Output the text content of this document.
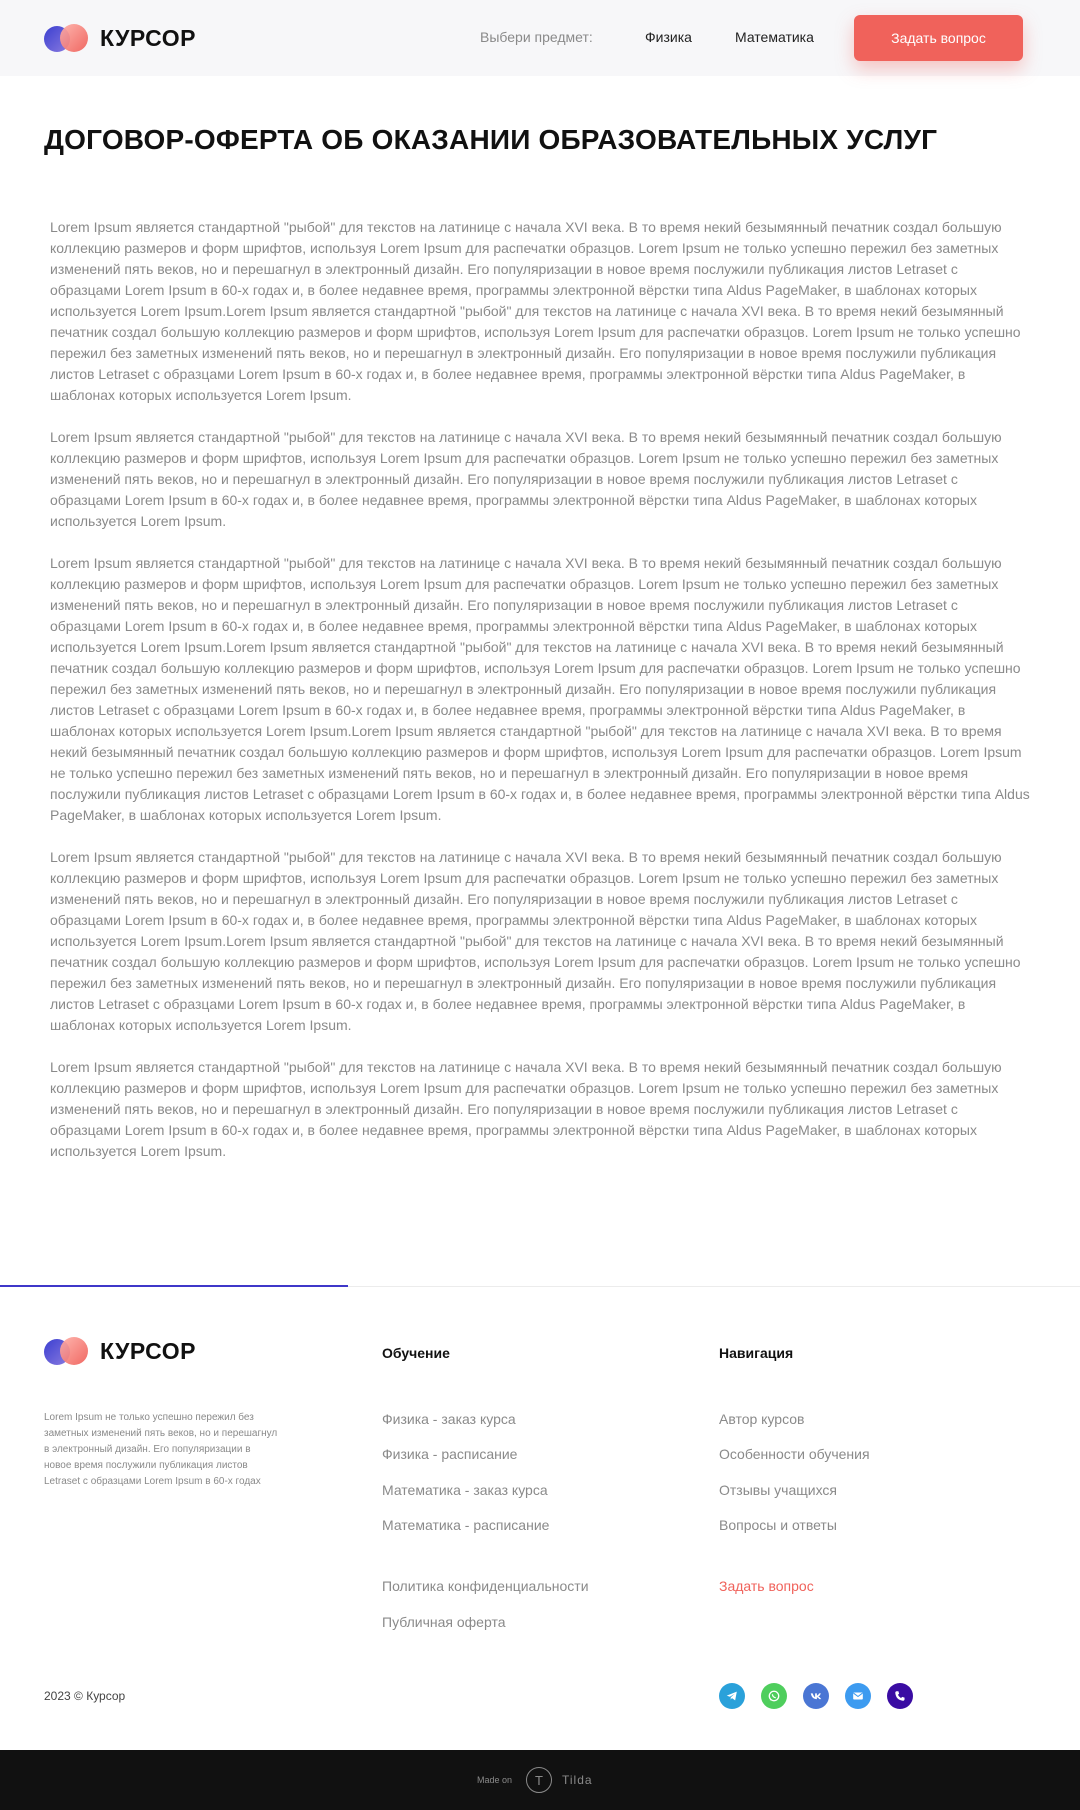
КУРСОР	Выбери предмет:	Физика	Математика	Задать вопрос
ДОГОВОР-ОФЕРТА ОБ ОКАЗАНИИ ОБРАЗОВАТЕЛЬНЫХ УСЛУГ

Lorem Ipsum является стандартной "рыбой" для текстов на латинице с начала XVI века. В то время некий безымянный печатник создал большую коллекцию размеров и форм шрифтов, используя Lorem Ipsum для распечатки образцов. Lorem Ipsum не только успешно пережил без заметных изменений пять веков, но и перешагнул в электронный дизайн. Его популяризации в новое время послужили публикация листов Letraset с образцами Lorem Ipsum в 60-х годах и, в более недавнее время, программы электронной вёрстки типа Aldus PageMaker, в шаблонах которых используется Lorem Ipsum.Lorem Ipsum является стандартной "рыбой" для текстов на латинице с начала XVI века. В то время некий безымянный печатник создал большую коллекцию размеров и форм шрифтов, используя Lorem Ipsum для распечатки образцов. Lorem Ipsum не только успешно пережил без заметных изменений пять веков, но и перешагнул в электронный дизайн. Его популяризации в новое время послужили публикация листов Letraset с образцами Lorem Ipsum в 60-х годах и, в более недавнее время, программы электронной вёрстки типа Aldus PageMaker, в шаблонах которых используется Lorem Ipsum.

Lorem Ipsum является стандартной "рыбой" для текстов на латинице с начала XVI века. В то время некий безымянный печатник создал большую коллекцию размеров и форм шрифтов, используя Lorem Ipsum для распечатки образцов. Lorem Ipsum не только успешно пережил без заметных изменений пять веков, но и перешагнул в электронный дизайн. Его популяризации в новое время послужили публикация листов Letraset с образцами Lorem Ipsum в 60-х годах и, в более недавнее время, программы электронной вёрстки типа Aldus PageMaker, в шаблонах которых используется Lorem Ipsum.

Lorem Ipsum является стандартной "рыбой" для текстов на латинице с начала XVI века. В то время некий безымянный печатник создал большую коллекцию размеров и форм шрифтов, используя Lorem Ipsum для распечатки образцов. Lorem Ipsum не только успешно пережил без заметных изменений пять веков, но и перешагнул в электронный дизайн. Его популяризации в новое время послужили публикация листов Letraset с образцами Lorem Ipsum в 60-х годах и, в более недавнее время, программы электронной вёрстки типа Aldus PageMaker, в шаблонах которых используется Lorem Ipsum.Lorem Ipsum является стандартной "рыбой" для текстов на латинице с начала XVI века. В то время некий безымянный печатник создал большую коллекцию размеров и форм шрифтов, используя Lorem Ipsum для распечатки образцов. Lorem Ipsum не только успешно пережил без заметных изменений пять веков, но и перешагнул в электронный дизайн. Его популяризации в новое время послужили публикация листов Letraset с образцами Lorem Ipsum в 60-х годах и, в более недавнее время, программы электронной вёрстки типа Aldus PageMaker, в шаблонах которых используется Lorem Ipsum.Lorem Ipsum является стандартной "рыбой" для текстов на латинице с начала XVI века. В то время некий безымянный печатник создал большую коллекцию размеров и форм шрифтов, используя Lorem Ipsum для распечатки образцов. Lorem Ipsum не только успешно пережил без заметных изменений пять веков, но и перешагнул в электронный дизайн. Его популяризации в новое время послужили публикация листов Letraset с образцами Lorem Ipsum в 60-х годах и, в более недавнее время, программы электронной вёрстки типа Aldus PageMaker, в шаблонах которых используется Lorem Ipsum.

Lorem Ipsum является стандартной "рыбой" для текстов на латинице с начала XVI века. В то время некий безымянный печатник создал большую коллекцию размеров и форм шрифтов, используя Lorem Ipsum для распечатки образцов. Lorem Ipsum не только успешно пережил без заметных изменений пять веков, но и перешагнул в электронный дизайн. Его популяризации в новое время послужили публикация листов Letraset с образцами Lorem Ipsum в 60-х годах и, в более недавнее время, программы электронной вёрстки типа Aldus PageMaker, в шаблонах которых используется Lorem Ipsum.Lorem Ipsum является стандартной "рыбой" для текстов на латинице с начала XVI века. В то время некий безымянный печатник создал большую коллекцию размеров и форм шрифтов, используя Lorem Ipsum для распечатки образцов. Lorem Ipsum не только успешно пережил без заметных изменений пять веков, но и перешагнул в электронный дизайн. Его популяризации в новое время послужили публикация листов Letraset с образцами Lorem Ipsum в 60-х годах и, в более недавнее время, программы электронной вёрстки типа Aldus PageMaker, в шаблонах которых используется Lorem Ipsum.

Lorem Ipsum является стандартной "рыбой" для текстов на латинице с начала XVI века. В то время некий безымянный печатник создал большую коллекцию размеров и форм шрифтов, используя Lorem Ipsum для распечатки образцов. Lorem Ipsum не только успешно пережил без заметных изменений пять веков, но и перешагнул в электронный дизайн. Его популяризации в новое время послужили публикация листов Letraset с образцами Lorem Ipsum в 60-х годах и, в более недавнее время, программы электронной вёрстки типа Aldus PageMaker, в шаблонах которых используется Lorem Ipsum.

КУРСОР

Lorem Ipsum не только успешно пережил без заметных изменений пять веков, но и перешагнул в электронный дизайн. Его популяризации в новое время послужили публикация листов Letraset с образцами Lorem Ipsum в 60-х годах

Обучение
Физика - заказ курса
Физика - расписание
Математика - заказ курса
Математика - расписание
Политика конфиденциальности
Публичная оферта
Навигация
Автор курсов
Особенности обучения
Отзывы учащихся
Вопросы и ответы
Задать вопрос
2023 © Курсор
Made on	T	Tilda
